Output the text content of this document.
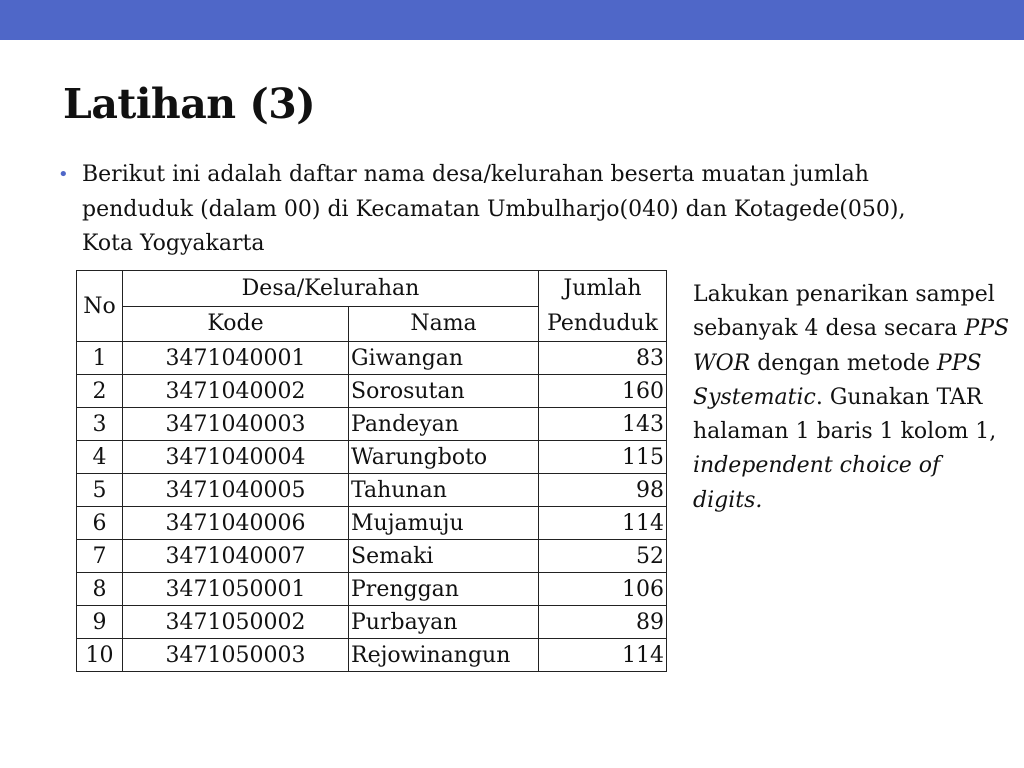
Latihan (3)
• Berikut ini adalah daftar nama desa/kelurahan beserta muatan jumlah penduduk (dalam 00) di Kecamatan Umbulharjo(040) dan Kotagede(050), Kota Yogyakarta
No	Desa/Kelurahan		Jumlah
Penduduk
	Kode	Nama	
1	3471040001	Giwangan	83
2	3471040002	Sorosutan	160
3	3471040003	Pandeyan	143
4	3471040004	Warungboto	115
5	3471040005	Tahunan	98
6	3471040006	Mujamuju	114
7	3471040007	Semaki	52
8	3471050001	Prenggan	106
9	3471050002	Purbayan	89
10	3471050003	Rejowinangun	114

Lakukan penarikan sampel sebanyak 4 desa secara PPS WOR dengan metode PPS Systematic. Gunakan TAR halaman 1 baris 1 kolom 1, independent choice of digits.
